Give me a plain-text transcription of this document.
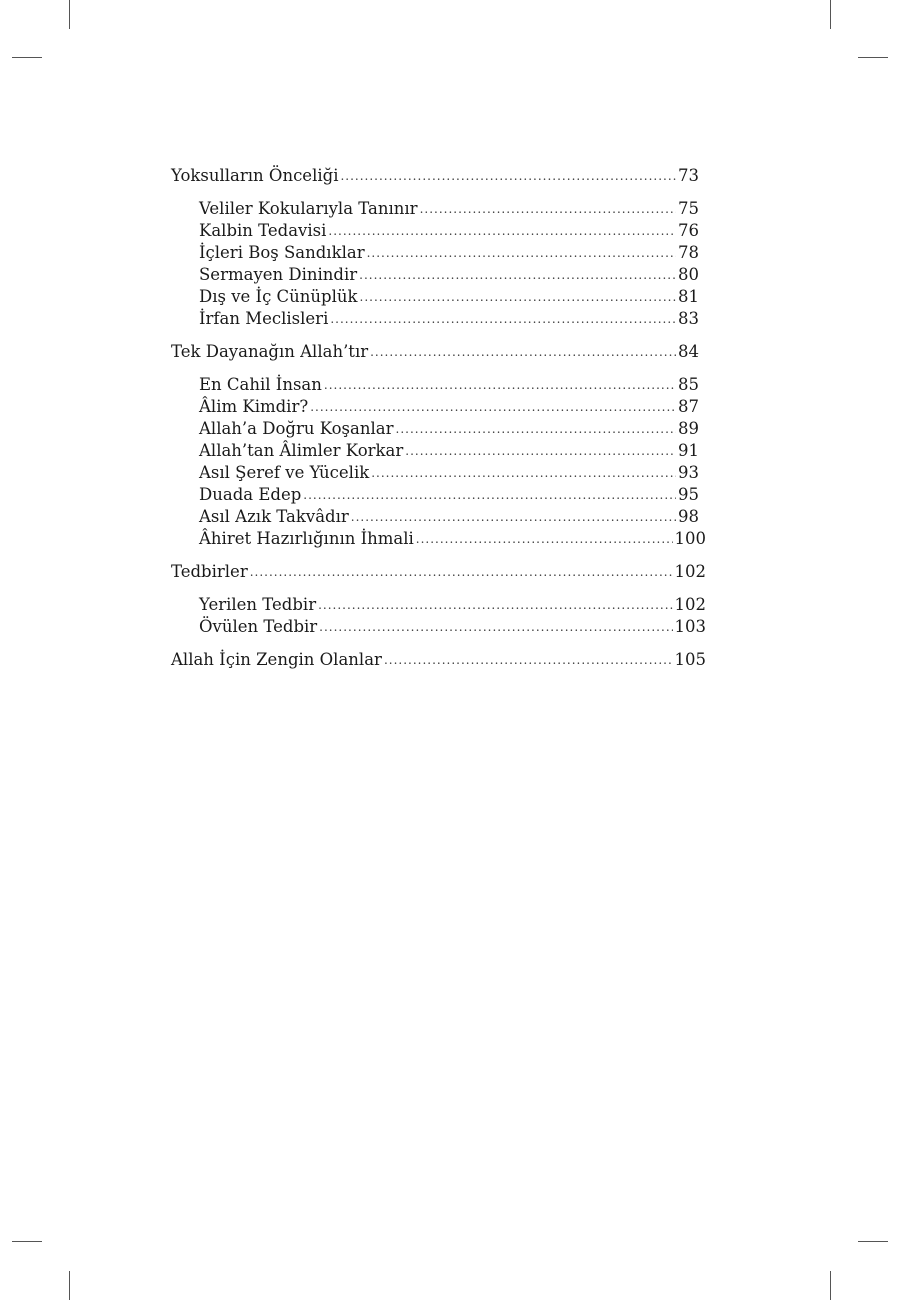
Yoksulların Önceliği .....	73
Veliler Kokularıyla Tanınır .....	75
Kalbin Tedavisi .....	76
İçleri Boş Sandıklar .....	78
Sermayen Dinindir .....	80
Dış ve İç Cünüplük .....	81
İrfan Meclisleri .....	83
Tek Dayanağın Allah’tır .....	84
En Cahil İnsan .....	85
Âlim Kimdir? .....	87
Allah’a Doğru Koşanlar .....	89
Allah’tan Âlimler Korkar .....	91
Asıl Şeref ve Yücelik .....	93
Duada Edep .....	95
Asıl Azık Takvâdır .....	98
Âhiret Hazırlığının İhmali .....	100
Tedbirler .....	102
Yerilen Tedbir .....	102
Övülen Tedbir .....	103
Allah İçin Zengin Olanlar .....	105
